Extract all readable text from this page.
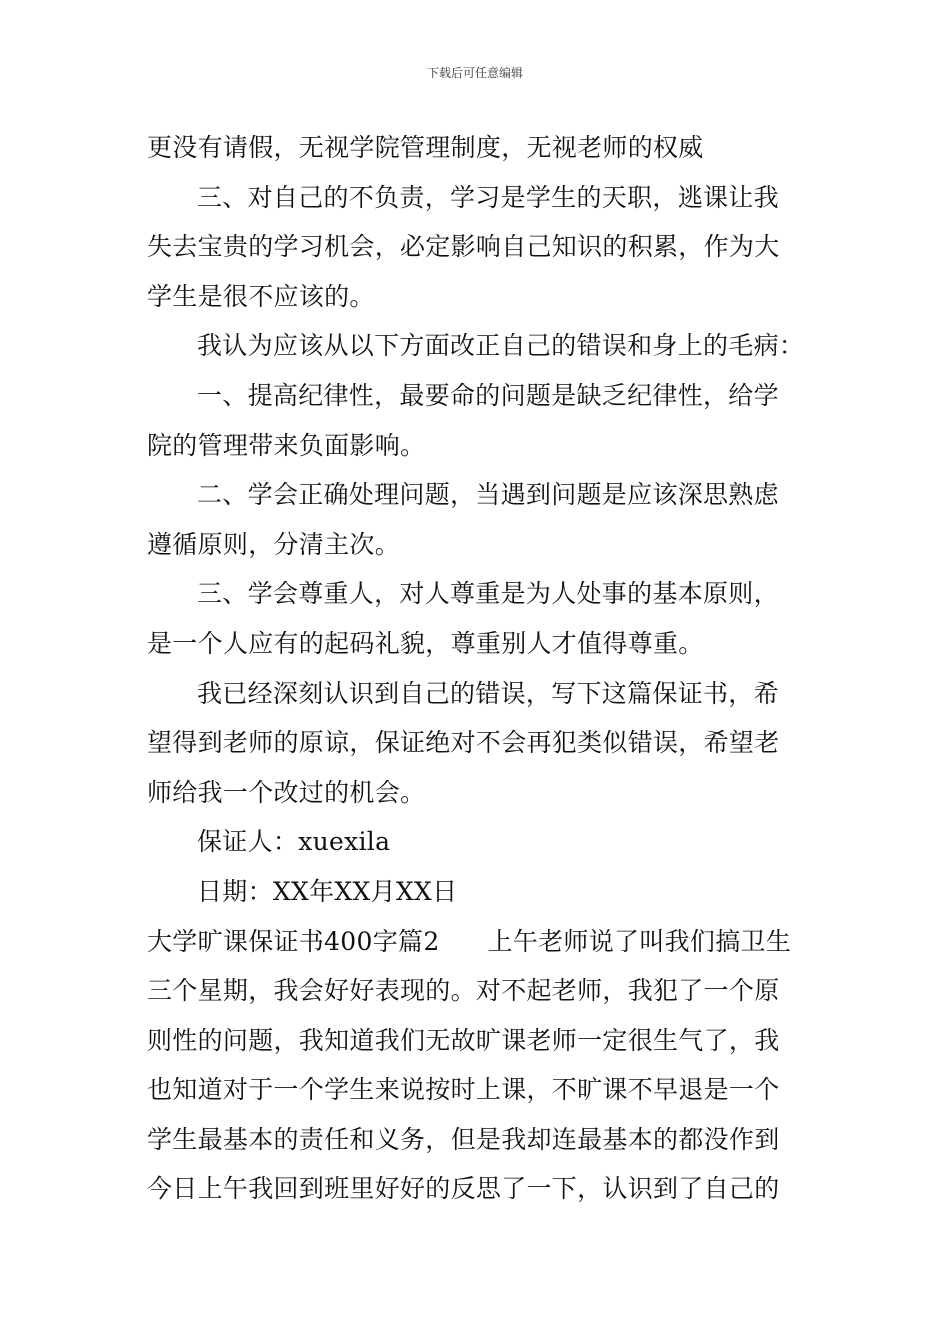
下载后可任意编辑
更没有请假，无视学院管理制度，无视老师的权威
三、对自己的不负责，学习是学生的天职，逃课让我
失去宝贵的学习机会，必定影响自己知识的积累，作为大
学生是很不应该的。
我认为应该从以下方面改正自己的错误和身上的毛病：
一、提高纪律性，最要命的问题是缺乏纪律性，给学
院的管理带来负面影响。
二、学会正确处理问题，当遇到问题是应该深思熟虑
遵循原则，分清主次。
三、学会尊重人，对人尊重是为人处事的基本原则，
是一个人应有的起码礼貌，尊重别人才值得尊重。
我已经深刻认识到自己的错误，写下这篇保证书，希
望得到老师的原谅，保证绝对不会再犯类似错误，希望老
师给我一个改过的机会。
保证人：xuexila
日期：XX年XX月XX日
大学旷课保证书400字篇2 上午老师说了叫我们搞卫生
三个星期，我会好好表现的。对不起老师，我犯了一个原
则性的问题，我知道我们无故旷课老师一定很生气了，我
也知道对于一个学生来说按时上课，不旷课不早退是一个
学生最基本的责任和义务，但是我却连最基本的都没作到
今日上午我回到班里好好的反思了一下，认识到了自己的
